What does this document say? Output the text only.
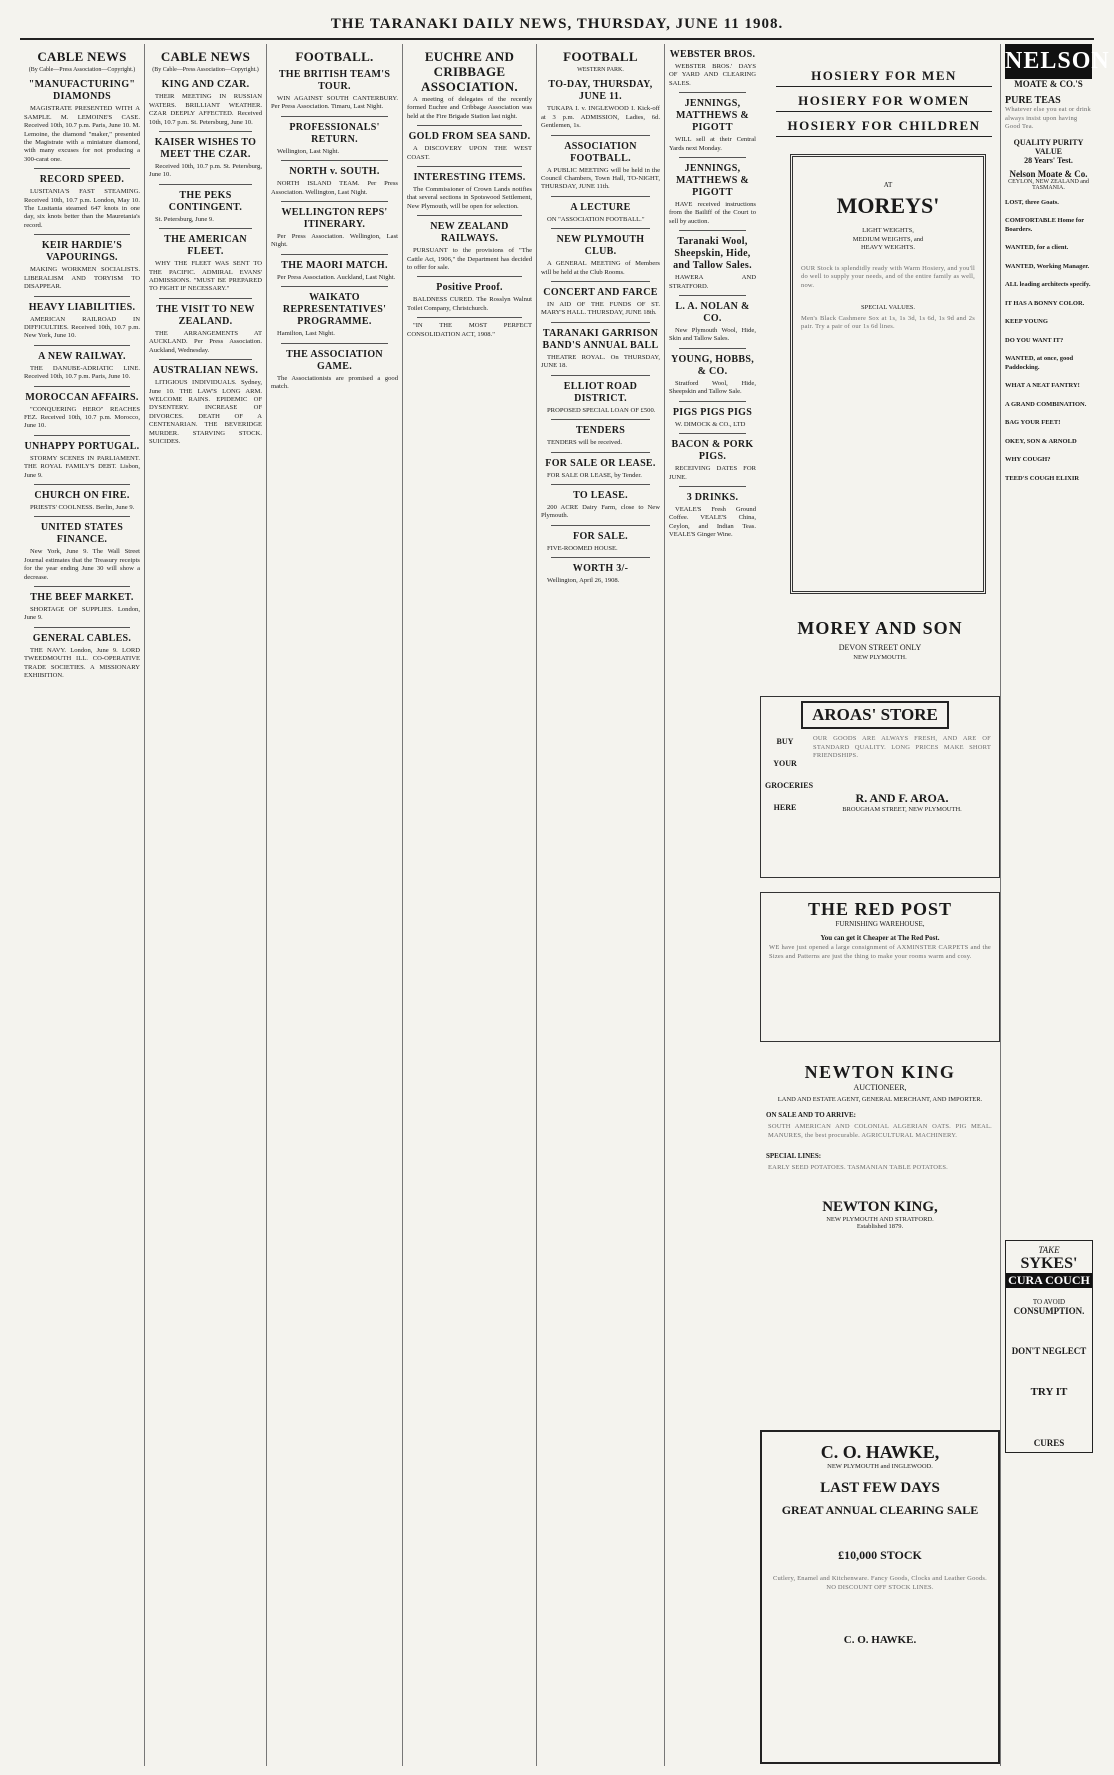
THE TARANAKI DAILY NEWS, THURSDAY, JUNE 11 1908.
CABLE NEWS
(By Cable—Press Association—Copyright.)
"MANUFACTURING" DIAMONDS

MAGISTRATE PRESENTED WITH A SAMPLE. M. LEMOINE'S CASE. Received 10th, 10.7 p.m. Paris, June 10. M. Lemoine, the diamond "maker," presented the Magistrate with a miniature diamond, with many excuses for not producing a 300-carat one.

RECORD SPEED.

LUSITANIA'S FAST STEAMING. Received 10th, 10.7 p.m. London, May 10. The Lusitania steamed 647 knots in one day, six knots better than the Mauretania's record.

KEIR HARDIE'S VAPOURINGS.

MAKING WORKMEN SOCIALISTS. LIBERALISM AND TORYISM TO DISAPPEAR.

HEAVY LIABILITIES.

AMERICAN RAILROAD IN DIFFICULTIES. Received 10th, 10.7 p.m. New York, June 10.

A NEW RAILWAY.

THE DANUBE-ADRIATIC LINE. Received 10th, 10.7 p.m. Paris, June 10.

MOROCCAN AFFAIRS.

"CONQUERING HERO" REACHES FEZ. Received 10th, 10.7 p.m. Morocco, June 10.

UNHAPPY PORTUGAL.

STORMY SCENES IN PARLIAMENT. THE ROYAL FAMILY'S DEBT. Lisbon, June 9.

CHURCH ON FIRE.

PRIESTS' COOLNESS. Berlin, June 9.

UNITED STATES FINANCE.

New York, June 9. The Wall Street Journal estimates that the Treasury receipts for the year ending June 30 will show a decrease.

THE BEEF MARKET.

SHORTAGE OF SUPPLIES. London, June 9.

GENERAL CABLES.

THE NAVY. London, June 9. LORD TWEEDMOUTH ILL. CO-OPERATIVE TRADE SOCIETIES. A MISSIONARY EXHIBITION.

CABLE NEWS
(By Cable—Press Association—Copyright.)
KING AND CZAR.

THEIR MEETING IN RUSSIAN WATERS. BRILLIANT WEATHER. CZAR DEEPLY AFFECTED. Received 10th, 10.7 p.m. St. Petersburg, June 10.

KAISER WISHES TO MEET THE CZAR.

Received 10th, 10.7 p.m. St. Petersburg, June 10.

THE PEKS CONTINGENT.

St. Petersburg, June 9.

THE AMERICAN FLEET.

WHY THE FLEET WAS SENT TO THE PACIFIC. ADMIRAL EVANS' ADMISSIONS. "MUST BE PREPARED TO FIGHT IF NECESSARY."

THE VISIT TO NEW ZEALAND.

THE ARRANGEMENTS AT AUCKLAND. Per Press Association. Auckland, Wednesday.

AUSTRALIAN NEWS.

LITIGIOUS INDIVIDUALS. Sydney, June 10. THE LAW'S LONG ARM. WELCOME RAINS. EPIDEMIC OF DYSENTERY. INCREASE OF DIVORCES. DEATH OF A CENTENARIAN. THE BEVERIDGE MURDER. STARVING STOCK. SUICIDES.

FOOTBALL.
THE BRITISH TEAM'S TOUR.

WIN AGAINST SOUTH CANTERBURY. Per Press Association. Timaru, Last Night.

PROFESSIONALS' RETURN.

Wellington, Last Night.

NORTH v. SOUTH.

NORTH ISLAND TEAM. Per Press Association. Wellington, Last Night.

WELLINGTON REPS' ITINERARY.

Per Press Association. Wellington, Last Night.

THE MAORI MATCH.

Per Press Association. Auckland, Last Night.

WAIKATO REPRESENTATIVES' PROGRAMME.

Hamilton, Last Night.

THE ASSOCIATION GAME.

The Associationists are promised a good match.

EUCHRE AND CRIBBAGE ASSOCIATION.

A meeting of delegates of the recently formed Euchre and Cribbage Association was held at the Fire Brigade Station last night.

GOLD FROM SEA SAND.

A DISCOVERY UPON THE WEST COAST.

INTERESTING ITEMS.

The Commissioner of Crown Lands notifies that several sections in Spotswood Settlement, New Plymouth, will be open for selection.

NEW ZEALAND RAILWAYS.

PURSUANT to the provisions of "The Cattle Act, 1906," the Department has decided to offer for sale.

Positive Proof.

BALDNESS CURED. The Rosslyn Walnut Toilet Company, Christchurch.

"IN THE MOST PERFECT CONSOLIDATION ACT, 1908."

FOOTBALL
WESTERN PARK.
TO-DAY, THURSDAY, JUNE 11.

TUKAPA I. v. INGLEWOOD I. Kick-off at 3 p.m. ADMISSION, Ladies, 6d. Gentlemen, 1s.

ASSOCIATION FOOTBALL.

A PUBLIC MEETING will be held in the Council Chambers, Town Hall, TO-NIGHT, THURSDAY, JUNE 11th.

A LECTURE

ON "ASSOCIATION FOOTBALL."

NEW PLYMOUTH CLUB.

A GENERAL MEETING of Members will be held at the Club Rooms.

CONCERT AND FARCE

IN AID OF THE FUNDS OF ST. MARY'S HALL. THURSDAY, JUNE 18th.

TARANAKI GARRISON BAND'S ANNUAL BALL

THEATRE ROYAL. On THURSDAY, JUNE 18.

ELLIOT ROAD DISTRICT.

PROPOSED SPECIAL LOAN OF £500.

TENDERS

TENDERS will be received.

FOR SALE OR LEASE.

FOR SALE OR LEASE, by Tender.

TO LEASE.

200 ACRE Dairy Farm, close to New Plymouth.

FOR SALE.

FIVE-ROOMED HOUSE.

WORTH 3/-

Wellington, April 26, 1908.

WEBSTER BROS.

WEBSTER BROS.' DAYS OF YARD AND CLEARING SALES.

JENNINGS, MATTHEWS & PIGOTT

WILL sell at their Central Yards next Monday.

JENNINGS, MATTHEWS & PIGOTT

HAVE received instructions from the Bailiff of the Court to sell by auction.

Taranaki Wool, Sheepskin, Hide, and Tallow Sales.

HAWERA AND STRATFORD.

L. A. NOLAN & CO.

New Plymouth Wool, Hide, Skin and Tallow Sales.

YOUNG, HOBBS, & CO.

Stratford Wool, Hide, Sheepskin and Tallow Sale.

PIGS PIGS PIGS

W. DIMOCK & CO., LTD

BACON & PORK PIGS.

RECEIVING DATES FOR JUNE.

3 DRINKS.

VEALE'S Fresh Ground Coffee. VEALE'S China, Ceylon, and Indian Teas. VEALE'S Ginger Wine.

HOSIERY FOR MEN
HOSIERY FOR WOMEN
HOSIERY FOR CHILDREN
AT
MOREYS'
LIGHT WEIGHTS,
MEDIUM WEIGHTS, and
HEAVY WEIGHTS.
OUR Stock is splendidly ready with Warm Hosiery, and you'll do well to supply your needs, and of the entire family as well, now.
SPECIAL VALUES.
Men's Black Cashmere Sox at 1s, 1s 3d, 1s 6d, 1s 9d and 2s pair. Try a pair of our 1s 6d lines.
MOREY AND SON
DEVON STREET ONLY
NEW PLYMOUTH.
AROAS' STORE
BUY
YOUR
GROCERIES
HERE
OUR GOODS ARE ALWAYS FRESH, AND ARE OF STANDARD QUALITY. LONG PRICES MAKE SHORT FRIENDSHIPS.
R. AND F. AROA.
BROUGHAM STREET, NEW PLYMOUTH.
THE RED POST
FURNISHING WAREHOUSE,
You can get it Cheaper at The Red Post.
WE have just opened a large consignment of AXMINSTER CARPETS and the Sizes and Patterns are just the thing to make your rooms warm and cosy.
NEWTON KING
AUCTIONEER,
LAND AND ESTATE AGENT, GENERAL MERCHANT, AND IMPORTER.
ON SALE AND TO ARRIVE:
SOUTH AMERICAN AND COLONIAL ALGERIAN OATS. PIG MEAL. MANURES, the best procurable. AGRICULTURAL MACHINERY.
SPECIAL LINES:
EARLY SEED POTATOES. TASMANIAN TABLE POTATOES.
NEWTON KING,
NEW PLYMOUTH AND STRATFORD.
Established 1879.
C. O. HAWKE,
NEW PLYMOUTH and INGLEWOOD.
LAST FEW DAYS
GREAT ANNUAL CLEARING SALE
£10,000 STOCK
Cutlery, Enamel and Kitchenware. Fancy Goods, Clocks and Leather Goods. NO DISCOUNT OFF STOCK LINES.
C. O. HAWKE.
NELSON
MOATE & CO.'S
PURE TEAS
Whatever else you eat or drink always insist upon having Good Tea.
QUALITY PURITY VALUE
28 Years' Test.
Nelson Moate & Co.
CEYLON, NEW ZEALAND and TASMANIA.
LOST, three Goats.
COMFORTABLE Home for Boarders.
WANTED, for a client.
WANTED, Working Manager.
ALL leading architects specify.
IT HAS A BONNY COLOR.
KEEP YOUNG
DO YOU WANT IT?
WANTED, at once, good Paddocking.
WHAT A NEAT FANTRY!
A GRAND COMBINATION.
BAG YOUR FEET!
OKEY, SON & ARNOLD
WHY COUGH?
TEED'S COUGH ELIXIR
TAKE
SYKES'
CURA COUCH
TO AVOID
CONSUMPTION.
DON'T NEGLECT
TRY IT
CURES
